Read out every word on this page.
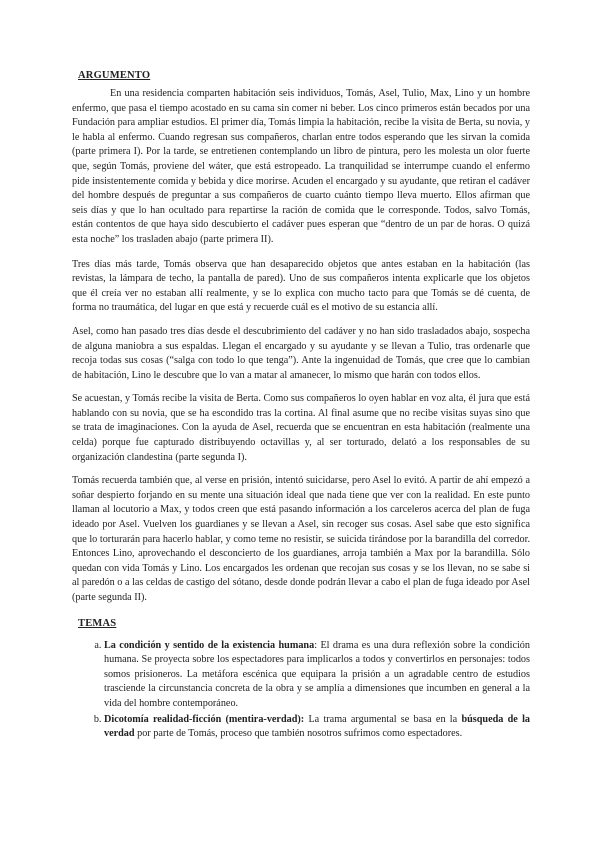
ARGUMENTO

En una residencia comparten habitación seis individuos, Tomás, Asel, Tulio, Max, Lino y un hombre enfermo, que pasa el tiempo acostado en su cama sin comer ni beber. Los cinco primeros están becados por una Fundación para ampliar estudios. El primer día, Tomás limpia la habitación, recibe la visita de Berta, su novia, y le habla al enfermo. Cuando regresan sus compañeros, charlan entre todos esperando que les sirvan la comida (parte primera I). Por la tarde, se entretienen contemplando un libro de pintura, pero les molesta un olor fuerte que, según Tomás, proviene del wáter, que está estropeado. La tranquilidad se interrumpe cuando el enfermo pide insistentemente comida y bebida y dice morirse. Acuden el encargado y su ayudante, que retiran el cadáver del hombre después de preguntar a sus compañeros de cuarto cuánto tiempo lleva muerto. Ellos afirman que seis días y que lo han ocultado para repartirse la ración de comida que le corresponde. Todos, salvo Tomás, están contentos de que haya sido descubierto el cadáver pues esperan que “dentro de un par de horas. O quizá esta noche” los trasladen abajo (parte primera II).

Tres días más tarde, Tomás observa que han desaparecido objetos que antes estaban en la habitación (las revistas, la lámpara de techo, la pantalla de pared). Uno de sus compañeros intenta explicarle que los objetos que él creía ver no estaban allí realmente, y se lo explica con mucho tacto para que Tomás se dé cuenta, de forma no traumática, del lugar en que está y recuerde cuál es el motivo de su estancia allí.

Asel, como han pasado tres días desde el descubrimiento del cadáver y no han sido trasladados abajo, sospecha de alguna maniobra a sus espaldas. Llegan el encargado y su ayudante y se llevan a Tulio, tras ordenarle que recoja todas sus cosas (“salga con todo lo que tenga”). Ante la ingenuidad de Tomás, que cree que lo cambian de habitación, Lino le descubre que lo van a matar al amanecer, lo mismo que harán con todos ellos.

Se acuestan, y Tomás recibe la visita de Berta. Como sus compañeros lo oyen hablar en voz alta, él jura que está hablando con su novia, que se ha escondido tras la cortina. Al final asume que no recibe visitas suyas sino que se trata de imaginaciones. Con la ayuda de Asel, recuerda que se encuentran en esta habitación (realmente una celda) porque fue capturado distribuyendo octavillas y, al ser torturado, delató a los responsables de su organización clandestina (parte segunda I).

Tomás recuerda también que, al verse en prisión, intentó suicidarse, pero Asel lo evitó. A partir de ahí empezó a soñar despierto forjando en su mente una situación ideal que nada tiene que ver con la realidad. En este punto llaman al locutorio a Max, y todos creen que está pasando información a los carceleros acerca del plan de fuga ideado por Asel. Vuelven los guardianes y se llevan a Asel, sin recoger sus cosas. Asel sabe que esto significa que lo torturarán para hacerlo hablar, y como teme no resistir, se suicida tirándose por la barandilla del corredor. Entonces Lino, aprovechando el desconcierto de los guardianes, arroja también a Max por la barandilla. Sólo quedan con vida Tomás y Lino. Los encargados les ordenan que recojan sus cosas y se los llevan, no se sabe si al paredón o a las celdas de castigo del sótano, desde donde podrán llevar a cabo el plan de fuga ideado por Asel (parte segunda II).

TEMAS
a. La condición y sentido de la existencia humana: El drama es una dura reflexión sobre la condición humana. Se proyecta sobre los espectadores para implicarlos a todos y convertirlos en personajes: todos somos prisioneros. La metáfora escénica que equipara la prisión a un agradable centro de estudios trasciende la circunstancia concreta de la obra y se amplía a dimensiones que incumben en general a la vida del hombre contemporáneo.
b. Dicotomía realidad-ficción (mentira-verdad): La trama argumental se basa en la búsqueda de la verdad por parte de Tomás, proceso que también nosotros sufrimos como espectadores.
